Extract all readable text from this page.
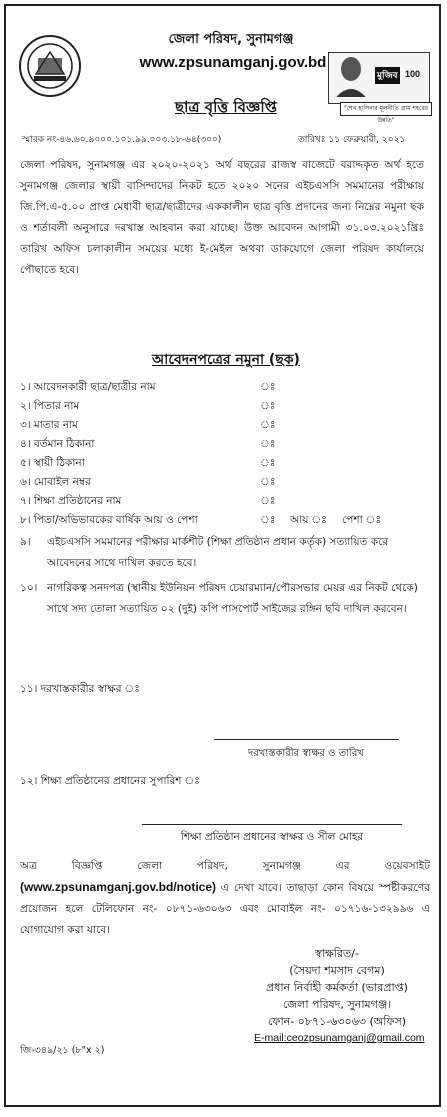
জেলা পরিষদ, সুনামগঞ্জ
www.zpsunamganj.gov.bd
ছাত্র বৃত্তি বিজ্ঞপ্তি
মুজিব 100
"শেখ হাসিনার মূলনীতি গ্রাম শহরের উন্নতি"
স্মারক নং-৪৬.৬০.৯০০০.১০১.৯৯.০০৩.১৮-৬৪(৩০০)	তারিখঃ ১১ ফেব্রুয়ারী, ২০২১
জেলা পরিষদ, সুনামগঞ্জ এর ২০২০-২০২১ অর্থ বছরের রাজস্ব বাজেটে বরাদ্দকৃত অর্থ হতে সুনামগঞ্জ জেলার স্থায়ী বাসিন্দাদের নিকট হতে ২০২০ সনের এইচএসসি সমমানের পরীক্ষায় জি.পি.এ-৫.০০ প্রাপ্ত মেধাবী ছাত্র/ছাত্রীদের এককালীন ছাত্র বৃত্তি প্রদানের জন্য নিম্নের নমুনা ছক ও শর্তাবলী অনুসারে দরখাস্ত আহবান করা যাচ্ছে। উক্ত আবেদন আগামী ৩১.০৩.২০২১খ্রিঃ তারিখ অফিস চলাকালীন সময়ের মধ্যে ই-মেইল অথবা ডাকযোগে জেলা পরিষদ কার্যালয়ে পৌছাতে হবে।
আবেদনপত্রের নমুনা (ছক)
১। আবেদনকারী ছাত্র/ছাত্রীর নাম	ঃ
২। পিতার নাম	ঃ
৩। মাতার নাম	ঃ
৪। বর্তমান ঠিকানা	ঃ
৫। স্থায়ী ঠিকানা	ঃ
৬। মোবাইল নম্বর	ঃ
৭। শিক্ষা প্রতিষ্ঠানের নাম	ঃ
৮। পিতা/অভিভাবকের বার্ষিক আয় ও পেশা	ঃ আয় ঃ পেশা ঃ
৯।	এইচএসসি সমমানের পরীক্ষার মার্কশীট (শিক্ষা প্রতিষ্ঠান প্রধান কর্তৃক) সত্যায়িত করে আবেদনের সাথে দাখিল করতে হবে।
১০। নাগরিকত্ব সনদপত্র (স্থানীয় ইউনিয়ন পরিষদ চেয়ারম্যান/পৌরসভার মেয়র এর নিকট থেকে) সাথে সদ্য তোলা সত্যায়িত ০২ (দুই) কপি পাসপোর্ট সাইজের রঙ্গিন ছবি দাখিল করবেন।
১১। দরখাস্তকারীর স্বাক্ষর ঃ
দরখাস্তকারীর স্বাক্ষর ও তারিখ
১২। শিক্ষা প্রতিষ্ঠানের প্রধানের সুপারিশ ঃ
শিক্ষা প্রতিষ্ঠান প্রধানের স্বাক্ষর ও সীল মোহর
অত্র বিজ্ঞপ্তি জেলা পরিষদ, সুনামগঞ্জ এর ওয়েবসাইট (www.zpsunamganj.gov.bd/notice) এ দেখা যাবে। তাছাড়া কোন বিষয়ে স্পষ্টীকরণের প্রয়োজন হলে টেলিফোন নং- ০৮৭১-৬৩০৬৩ এবং মোবাইল নং- ০১৭১৬-১৩২৯৯৬ এ যোগাযোগ করা যাবে।
স্বাক্ষরিত/-
(সৈয়দা শমসাদ বেগম)
প্রধান নির্বাহী কর্মকর্তা (ভারপ্রাপ্ত)
জেলা পরিষদ, সুনামগঞ্জ।
ফোন- ০৮৭১-৬৩০৬৩ (অফিস)
E-mail:ceozpsunamganj@gmail.com
জি-৩৪৯/২১ (৮"x ২)
